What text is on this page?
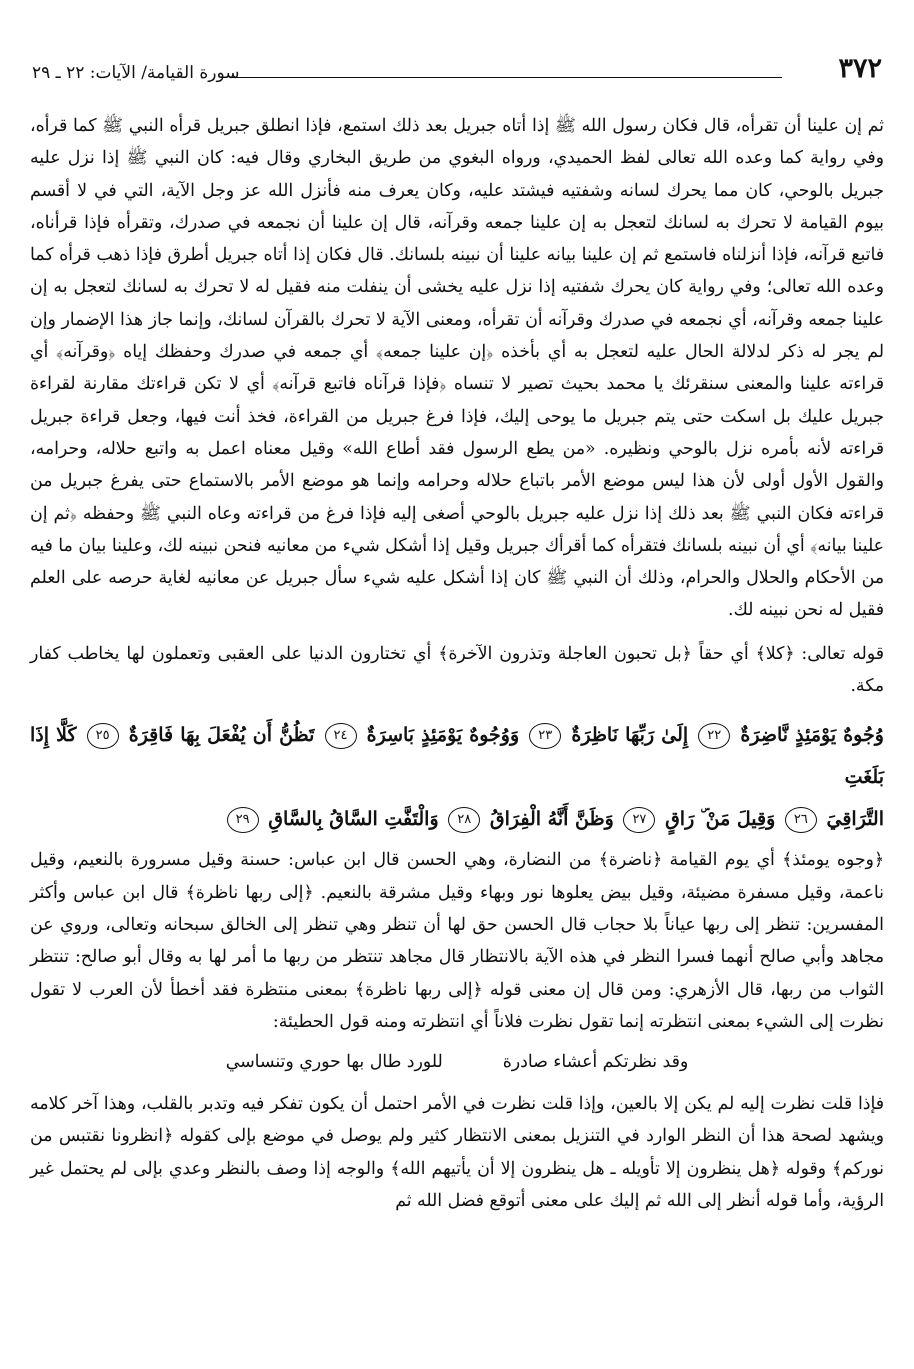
٣٧٢
سورة القيامة/ الآيات: ٢٢ ـ ٢٩

ثم إن علينا أن تقرأه، قال فكان رسول الله ﷺ إذا أتاه جبريل بعد ذلك استمع، فإذا انطلق جبريل قرأه النبي ﷺ كما قرأه، وفي رواية كما وعده الله تعالى لفظ الحميدي، ورواه البغوي من طريق البخاري وقال فيه: كان النبي ﷺ إذا نزل عليه جبريل بالوحي، كان مما يحرك لسانه وشفتيه فيشتد عليه، وكان يعرف منه فأنزل الله عز وجل الآية، التي في لا أقسم بيوم القيامة لا تحرك به لسانك لتعجل به إن علينا جمعه وقرآنه، قال إن علينا أن نجمعه في صدرك، وتقرأه فإذا قرأناه، فاتبع قرآنه، فإذا أنزلناه فاستمع ثم إن علينا بيانه علينا أن نبينه بلسانك. قال فكان إذا أتاه جبريل أطرق فإذا ذهب قرأه كما وعده الله تعالى؛ وفي رواية كان يحرك شفتيه إذا نزل عليه يخشى أن ينفلت منه فقيل له لا تحرك به لسانك لتعجل به إن علينا جمعه وقرآنه، أي نجمعه في صدرك وقرآنه أن تقرأه، ومعنى الآية لا تحرك بالقرآن لسانك، وإنما جاز هذا الإضمار وإن لم يجر له ذكر لدلالة الحال عليه لتعجل به أي بأخذه ﴿إن علينا جمعه﴾ أي جمعه في صدرك وحفظك إياه ﴿وقرآنه﴾ أي قراءته علينا والمعنى سنقرئك يا محمد بحيث تصير لا تنساه ﴿فإذا قرآناه فاتبع قرآنه﴾ أي لا تكن قراءتك مقارنة لقراءة جبريل عليك بل اسكت حتى يتم جبريل ما يوحى إليك، فإذا فرغ جبريل من القراءة، فخذ أنت فيها، وجعل قراءة جبريل قراءته لأنه بأمره نزل بالوحي ونظيره. «من يطع الرسول فقد أطاع الله» وقيل معناه اعمل به واتبع حلاله، وحرامه، والقول الأول أولى لأن هذا ليس موضع الأمر باتباع حلاله وحرامه وإنما هو موضع الأمر بالاستماع حتى يفرغ جبريل من قراءته فكان النبي ﷺ بعد ذلك إذا نزل عليه جبريل بالوحي أصغى إليه فإذا فرغ من قراءته وعاه النبي ﷺ وحفظه ﴿ثم إن علينا بيانه﴾ أي أن نبينه بلسانك فتقرأه كما أقرأك جبريل وقيل إذا أشكل شيء من معانيه فنحن نبينه لك، وعلينا بيان ما فيه من الأحكام والحلال والحرام، وذلك أن النبي ﷺ كان إذا أشكل عليه شيء سأل جبريل عن معانيه لغاية حرصه على العلم فقيل له نحن نبينه لك.

قوله تعالى: ﴿كلا﴾ أي حقاً ﴿بل تحبون العاجلة وتذرون الآخرة﴾ أي تختارون الدنيا على العقبى وتعملون لها يخاطب كفار مكة.

وُجُوهٌ يَوْمَئِذٍ نَّاضِرَةٌ ٢٢ إِلَىٰ رَبِّهَا نَاظِرَةٌ ٢٣ وَوُجُوهٌ يَوْمَئِذٍ بَاسِرَةٌ ٢٤ تَظُنُّ أَن يُفْعَلَ بِهَا فَاقِرَةٌ ٢٥ كَلَّا إِذَا بَلَغَتِ
التَّرَاقِيَ ٢٦ وَقِيلَ مَنْ ۜ رَاقٍ ٢٧ وَظَنَّ أَنَّهُ الْفِرَاقُ ٢٨ وَالْتَفَّتِ السَّاقُ بِالسَّاقِ ٢٩

﴿وجوه يومئذ﴾ أي يوم القيامة ﴿ناضرة﴾ من النضارة، وهي الحسن قال ابن عباس: حسنة وقيل مسرورة بالنعيم، وقيل ناعمة، وقيل مسفرة مضيئة، وقيل بيض يعلوها نور وبهاء وقيل مشرقة بالنعيم. ﴿إلى ربها ناظرة﴾ قال ابن عباس وأكثر المفسرين: تنظر إلى ربها عياناً بلا حجاب قال الحسن حق لها أن تنظر وهي تنظر إلى الخالق سبحانه وتعالى، وروي عن مجاهد وأبي صالح أنهما فسرا النظر في هذه الآية بالانتظار قال مجاهد تنتظر من ربها ما أمر لها به وقال أبو صالح: تنتظر الثواب من ربها، قال الأزهري: ومن قال إن معنى قوله ﴿إلى ربها ناظرة﴾ بمعنى منتظرة فقد أخطأ لأن العرب لا تقول نظرت إلى الشيء بمعنى انتظرته إنما تقول نظرت فلاناً أي انتظرته ومنه قول الحطيئة:

وقد نظرتكم أعشاء صادرة
للورد طال بها حوري وتنساسي

فإذا قلت نظرت إليه لم يكن إلا بالعين، وإذا قلت نظرت في الأمر احتمل أن يكون تفكر فيه وتدبر بالقلب، وهذا آخر كلامه ويشهد لصحة هذا أن النظر الوارد في التنزيل بمعنى الانتظار كثير ولم يوصل في موضع بإلى كقوله ﴿انظرونا نقتبس من نوركم﴾ وقوله ﴿هل ينظرون إلا تأويله ـ هل ينظرون إلا أن يأتيهم الله﴾ والوجه إذا وصف بالنظر وعدي بإلى لم يحتمل غير الرؤية، وأما قوله أنظر إلى الله ثم إليك على معنى أتوقع فضل الله ثم
